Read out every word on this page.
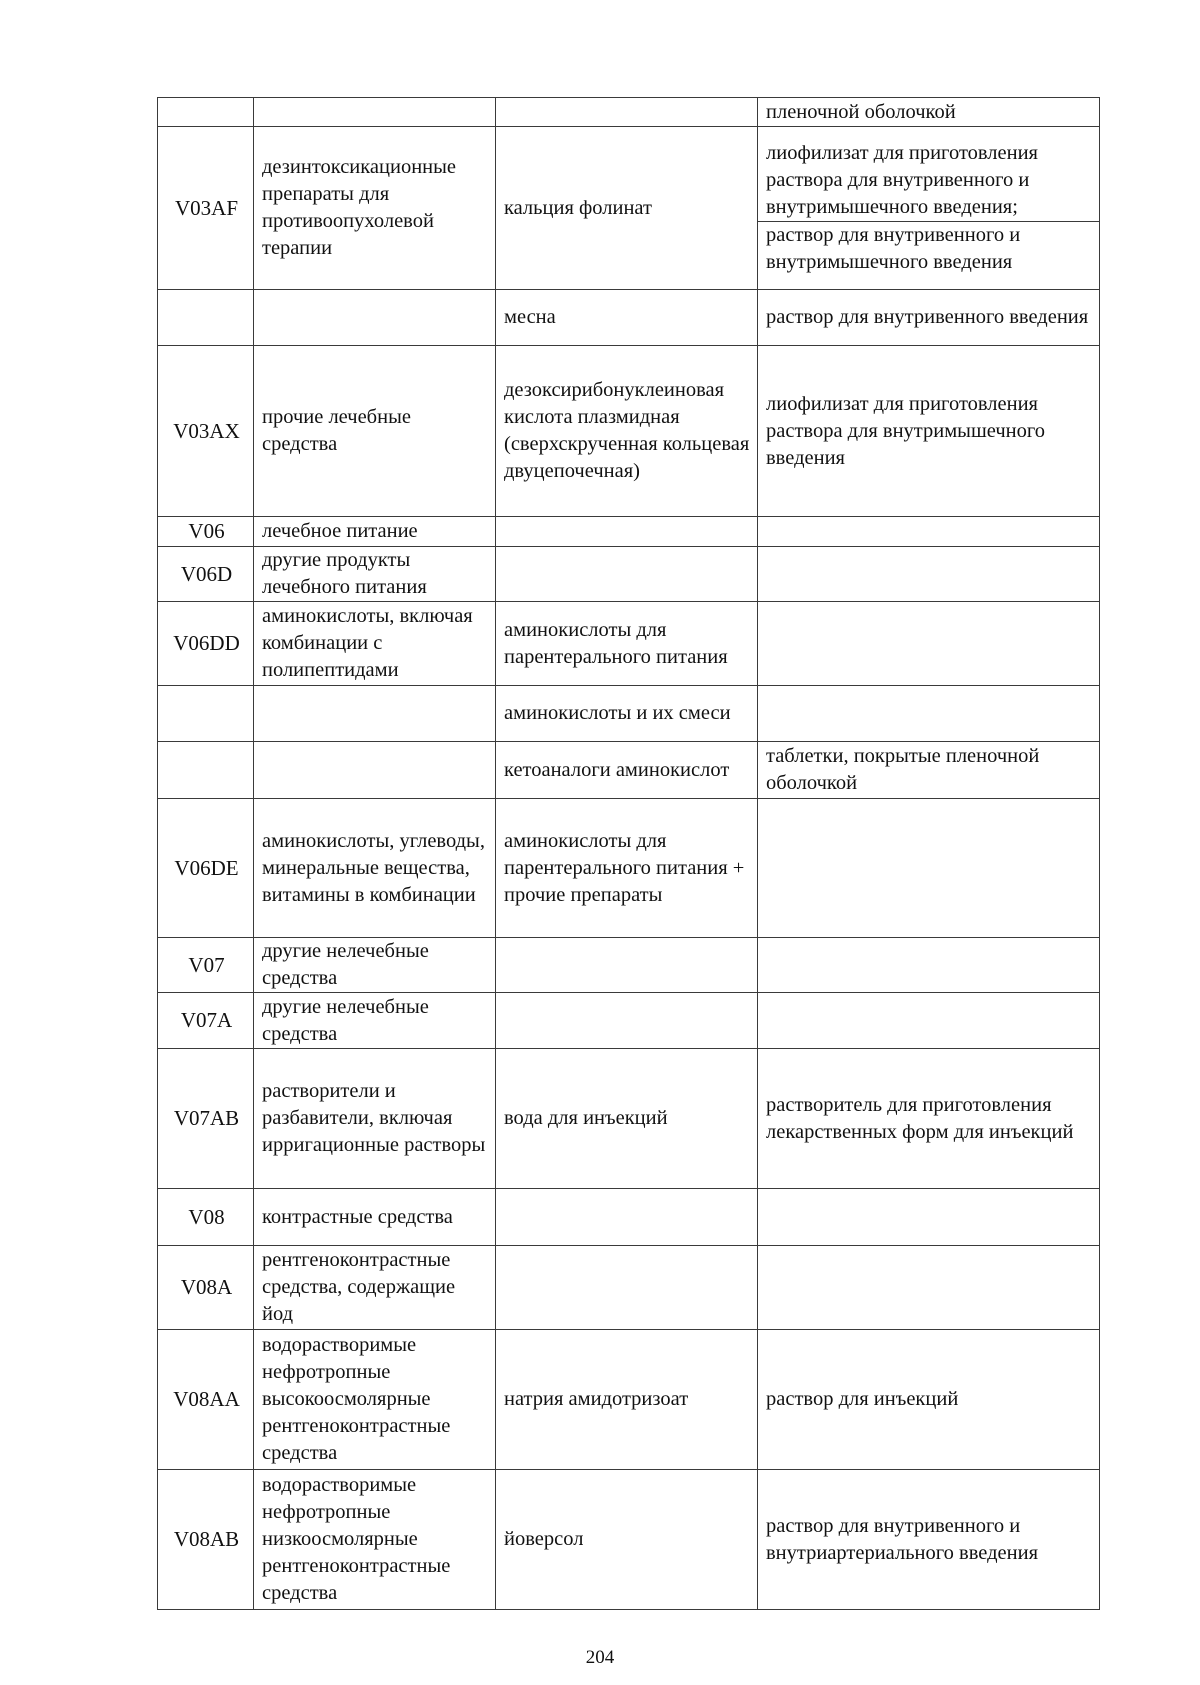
			пленочной оболочкой

V03AF	дезинтоксикационные препараты для противоопухолевой терапии	кальция фолинат	лиофилизат для приготовления раствора для внутривенного и внутримышечного введения;
раствор для внутривенного и внутримышечного введения

		месна	раствор для внутривенного введения

V03AX	прочие лечебные средства	дезоксирибонуклеиновая кислота плазмидная (сверхскрученная кольцевая двуцепочечная)	лиофилизат для приготовления раствора для внутримышечного введения

V06	лечебное питание		

V06D	другие продукты лечебного питания		

V06DD	аминокислоты, включая комбинации с полипептидами	аминокислоты для парентерального питания	

		аминокислоты и их смеси	

		кетоаналоги аминокислот	таблетки, покрытые пленочной оболочкой

V06DE	аминокислоты, углеводы, минеральные вещества, витамины в комбинации	аминокислоты для парентерального питания + прочие препараты	

V07	другие нелечебные средства		

V07A	другие нелечебные средства		

V07AB	растворители и разбавители, включая ирригационные растворы	вода для инъекций	растворитель для приготовления лекарственных форм для инъекций

V08	контрастные средства		

V08A	рентгеноконтрастные средства, содержащие йод		

V08AA	водорастворимые нефротропные высокоосмолярные рентгеноконтрастные средства	натрия амидотризоат	раствор для инъекций

V08AB	водорастворимые нефротропные низкоосмолярные рентгеноконтрастные средства	йоверсол	раствор для внутривенного и внутриартериального введения
204
